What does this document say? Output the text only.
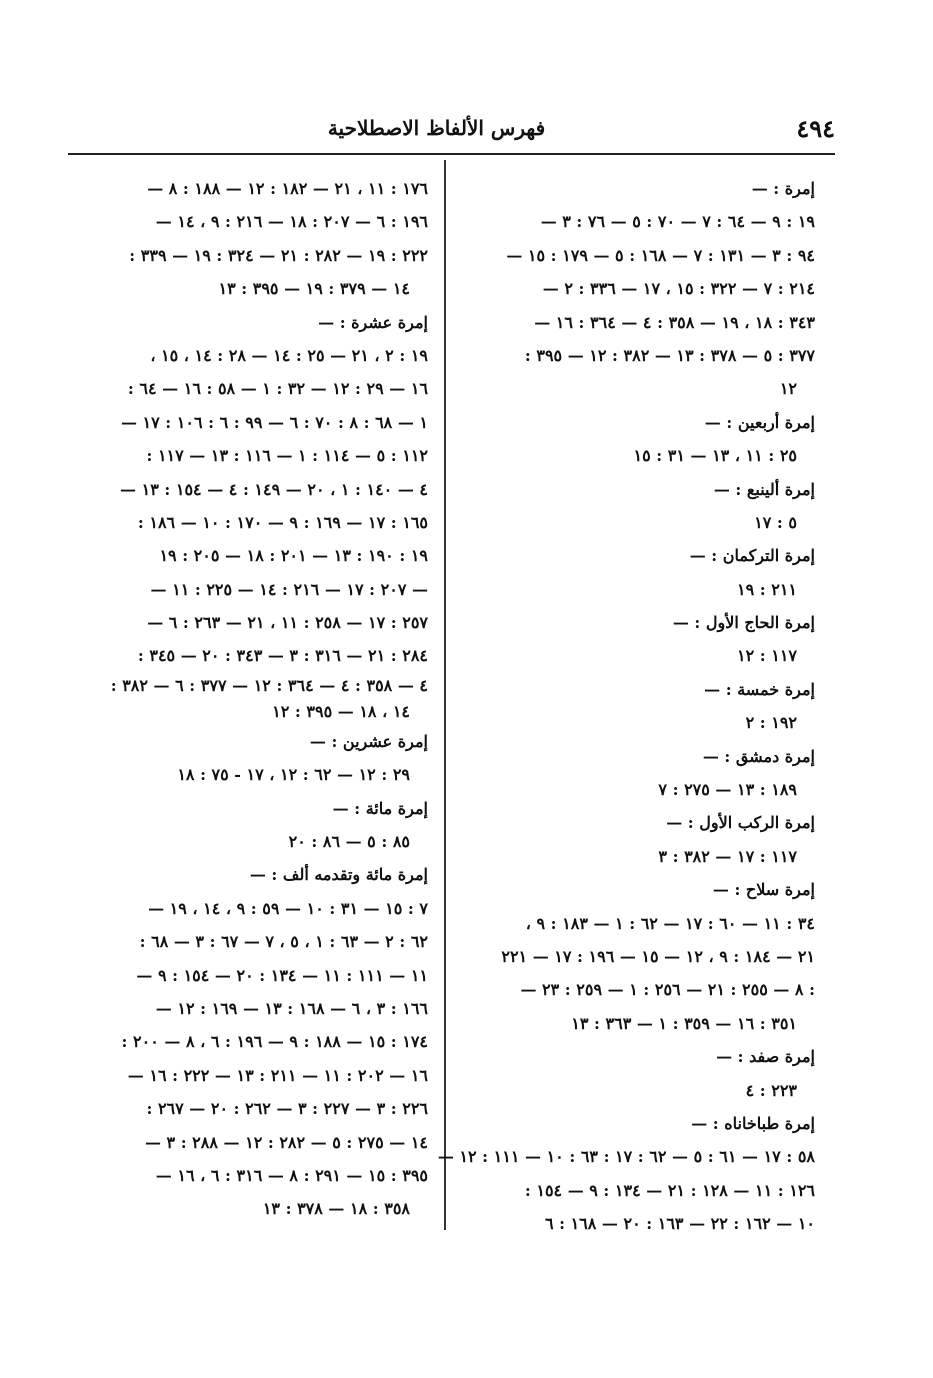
٤٩٤
فهرس الألفاظ الاصطلاحية
إمرة : —
١٩ : ٩ — ٦٤ : ٧ — ٧٠ : ٥ — ٧٦ : ٣ —
٩٤ : ٣ — ١٣١ : ٧ — ١٦٨ : ٥ — ١٧٩ : ١٥ —
٢١٤ : ٧ — ٣٢٢ : ١٥ ، ١٧ — ٣٣٦ : ٢ —
٣٤٣ : ١٨ ، ١٩ — ٣٥٨ : ٤ — ٣٦٤ : ١٦ —
٣٧٧ : ٥ — ٣٧٨ : ١٣ — ٣٨٢ : ١٢ — ٣٩٥ :
١٢
إمرة أربعين : —
٢٥ : ١١ ، ١٣ — ٣١ : ١٥
إمرة ألينبع : —
٥ : ١٧
إمرة التركمان : —
٢١١ : ١٩
إمرة الحاج الأول : —
١١٧ : ١٢
إمرة خمسة : —
١٩٢ : ٢
إمرة دمشق : —
١٨٩ : ١٣ — ٢٧٥ : ٧
إمرة الركب الأول : —
١١٧ : ١٧ — ٣٨٢ : ٣
إمرة سلاح : —
٣٤ : ١١ — ٦٠ : ١٧ — ٦٢ : ١ — ١٨٣ : ٩ ،
٢١ — ١٨٤ : ٩ ، ١٢ — ١٥ — ١٩٦ : ١٧ — ٢٢١
: ٨ — ٢٥٥ : ٢١ — ٢٥٦ : ١ — ٢٥٩ : ٢٣ —
٣٥١ : ١٦ — ٣٥٩ : ١ — ٣٦٣ : ١٣
إمرة صفد : —
٢٢٣ : ٤
إمرة طباخاناه : —
٥٨ : ١٧ — ٦١ : ٥ — ٦٢ : ١٧ : ٦٣ : ١٠ — ١١١ : ١٢ —
١٢٦ : ١١ — ١٢٨ : ٢١ — ١٣٤ : ٩ — ١٥٤ :
١٠ — ١٦٢ : ٢٢ — ١٦٣ : ٢٠ — ١٦٨ : ٦
١٧٦ : ١١ ، ٢١ — ١٨٢ : ١٢ — ١٨٨ : ٨ —
١٩٦ : ٦ — ٢٠٧ : ١٨ — ٢١٦ : ٩ ، ١٤ —
٢٢٢ : ١٩ — ٢٨٢ : ٢١ — ٣٢٤ : ١٩ — ٣٣٩ :
١٤ — ٣٧٩ : ١٩ — ٣٩٥ : ١٣
إمرة عشرة : —
١٩ : ٢ ، ٢١ — ٢٥ : ١٤ — ٢٨ : ١٤ ، ١٥ ،
١٦ — ٢٩ : ١٢ — ٣٢ : ١ — ٥٨ : ١٦ — ٦٤ :
١ — ٦٨ : ٨ : ٧٠ : ٦ — ٩٩ : ٦ : ١٠٦ : ١٧ —
١١٢ : ٥ — ١١٤ : ١ — ١١٦ : ١٣ — ١١٧ :
٤ — ١٤٠ : ١ ، ٢٠ — ١٤٩ : ٤ — ١٥٤ : ١٣ —
١٦٥ : ١٧ — ١٦٩ : ٩ — ١٧٠ : ١٠ — ١٨٦ :
١٩ : ١٩٠ : ١٣ — ٢٠١ : ١٨ — ٢٠٥ : ١٩
— ٢٠٧ : ١٧ — ٢١٦ : ١٤ — ٢٢٥ : ١١ —
٢٥٧ : ١٧ — ٢٥٨ : ١١ ، ٢١ — ٢٦٣ : ٦ —
٢٨٤ : ٢١ — ٣١٦ : ٣ — ٣٤٣ : ٢٠ — ٣٤٥ :
٤ — ٣٥٨ : ٤ — ٣٦٤ : ١٢ — ٣٧٧ : ٦ — ٣٨٢ :
١٤ ، ١٨ — ٣٩٥ : ١٢
إمرة عشرين : —
٢٩ : ١٢ — ٦٢ : ١٢ ، ١٧ - ٧٥ : ١٨
إمرة مائة : —
٨٥ : ٥ — ٨٦ : ٢٠
إمرة مائة وتقدمه ألف : —
٧ : ١٥ — ٣١ : ١٠ — ٥٩ : ٩ ، ١٤ ، ١٩ —
٦٢ : ٢ — ٦٣ : ١ ، ٥ ، ٧ — ٦٧ : ٣ — ٦٨ :
١١ — ١١١ : ١١ — ١٣٤ : ٢٠ — ١٥٤ : ٩ —
١٦٦ : ٣ ، ٦ — ١٦٨ : ١٣ — ١٦٩ : ١٢ —
١٧٤ : ١٥ — ١٨٨ : ٩ — ١٩٦ : ٦ ، ٨ — ٢٠٠ :
١٦ — ٢٠٢ : ١١ — ٢١١ : ١٣ — ٢٢٢ : ١٦ —
٢٢٦ : ٣ — ٢٢٧ : ٣ — ٢٦٢ : ٢٠ — ٢٦٧ :
١٤ — ٢٧٥ : ٥ — ٢٨٢ : ١٢ — ٢٨٨ : ٣ —
٣٩٥ : ١٥ — ٢٩١ : ٨ — ٣١٦ : ٦ ، ١٦ —
٣٥٨ : ١٨ — ٣٧٨ : ١٣
